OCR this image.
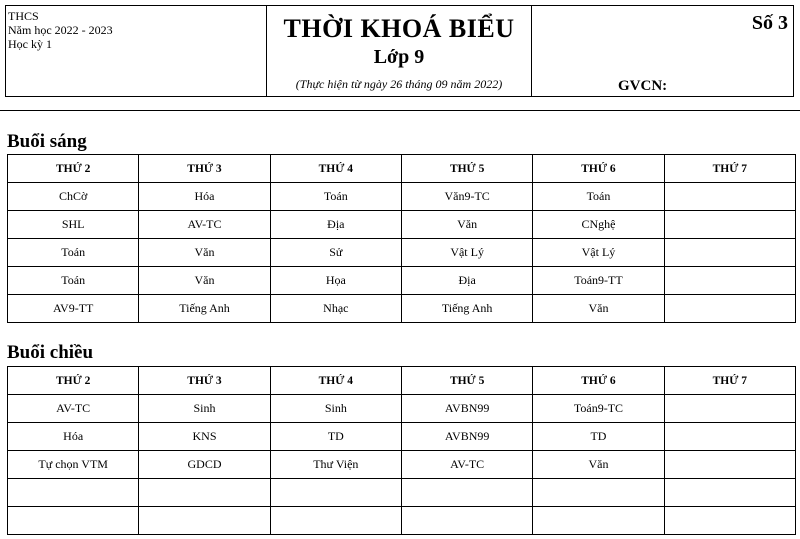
THCS
Năm học 2022 - 2023
Học kỳ 1
THỜI KHOÁ BIỂU
Lớp 9
(Thực hiện từ ngày 26 tháng 09 năm 2022)
Số 3
GVCN:
Buổi sáng
THỨ 2	THỨ 3	THỨ 4	THỨ 5	THỨ 6	THỨ 7
ChCờ	Hóa	Toán	Văn9-TC	Toán	
SHL	AV-TC	Địa	Văn	CNghệ	
Toán	Văn	Sử	Vật Lý	Vật Lý	
Toán	Văn	Họa	Địa	Toán9-TT	
AV9-TT	Tiếng Anh	Nhạc	Tiếng Anh	Văn	
Buổi chiều
THỨ 2	THỨ 3	THỨ 4	THỨ 5	THỨ 6	THỨ 7
AV-TC	Sinh	Sinh	AVBN99	Toán9-TC	
Hóa	KNS	TD	AVBN99	TD	
Tự chọn VTM	GDCD	Thư Viện	AV-TC	Văn	
